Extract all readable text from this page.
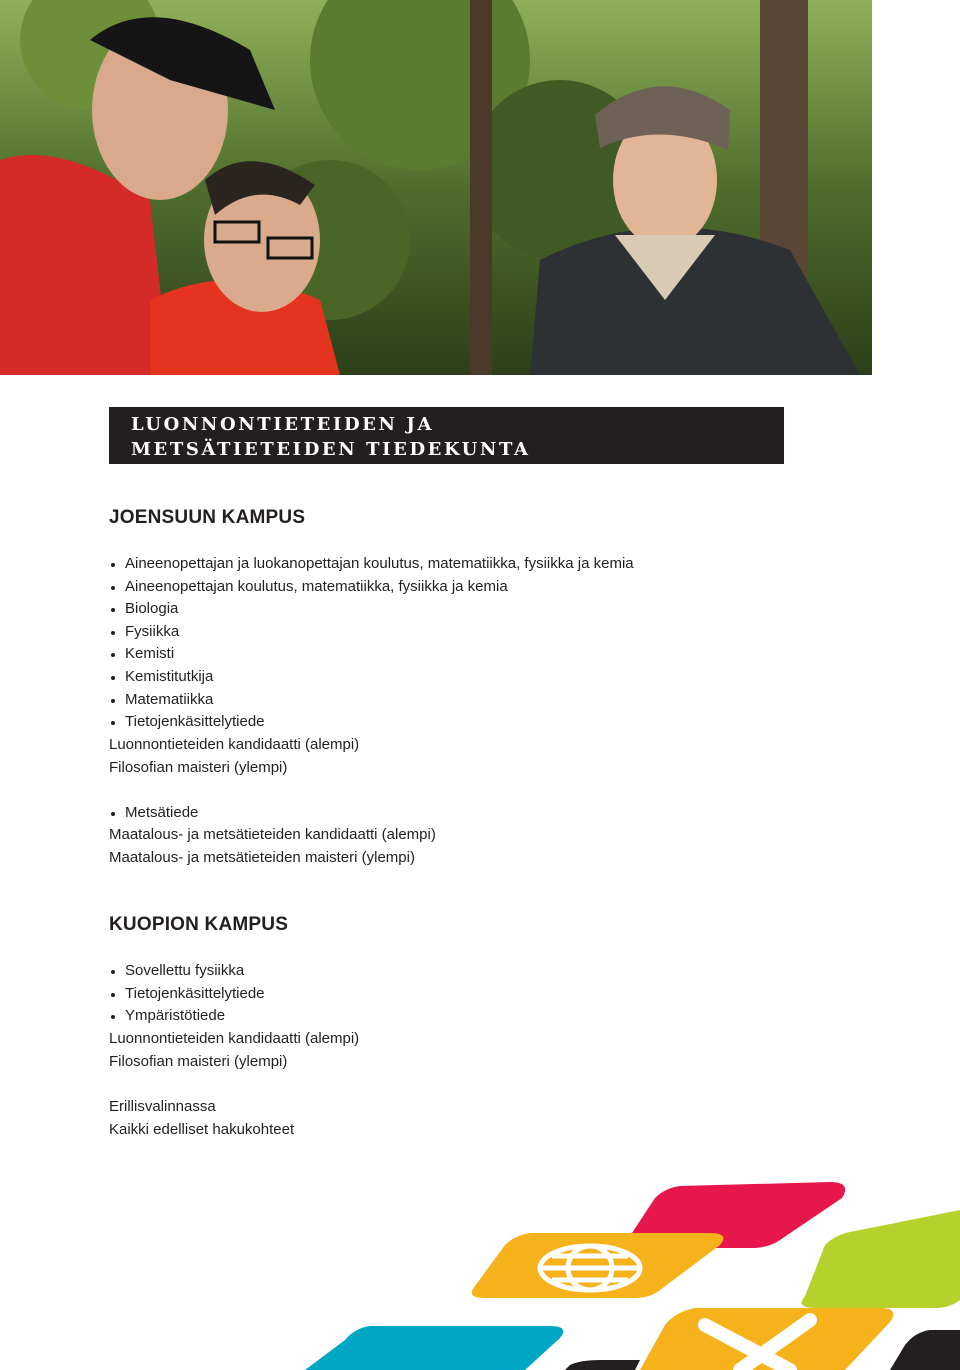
LUONNONTIETEIDEN JA
METSÄTIETEIDEN TIEDEKUNTA
JOENSUUN KAMPUS
Aineenopettajan ja luokanopettajan koulutus, matematiikka, fysiikka ja kemia
Aineenopettajan koulutus, matematiikka, fysiikka ja kemia
Biologia
Fysiikka
Kemisti
Kemistitutkija
Matematiikka
Tietojenkäsittelytiede
Luonnontieteiden kandidaatti (alempi)
Filosofian maisteri (ylempi)
Metsätiede
Maatalous- ja metsätieteiden kandidaatti (alempi)
Maatalous- ja metsätieteiden maisteri (ylempi)
KUOPION KAMPUS
Sovellettu fysiikka
Tietojenkäsittelytiede
Ympäristötiede
Luonnontieteiden kandidaatti (alempi)
Filosofian maisteri (ylempi)
Erillisvalinnassa
Kaikki edelliset hakukohteet
